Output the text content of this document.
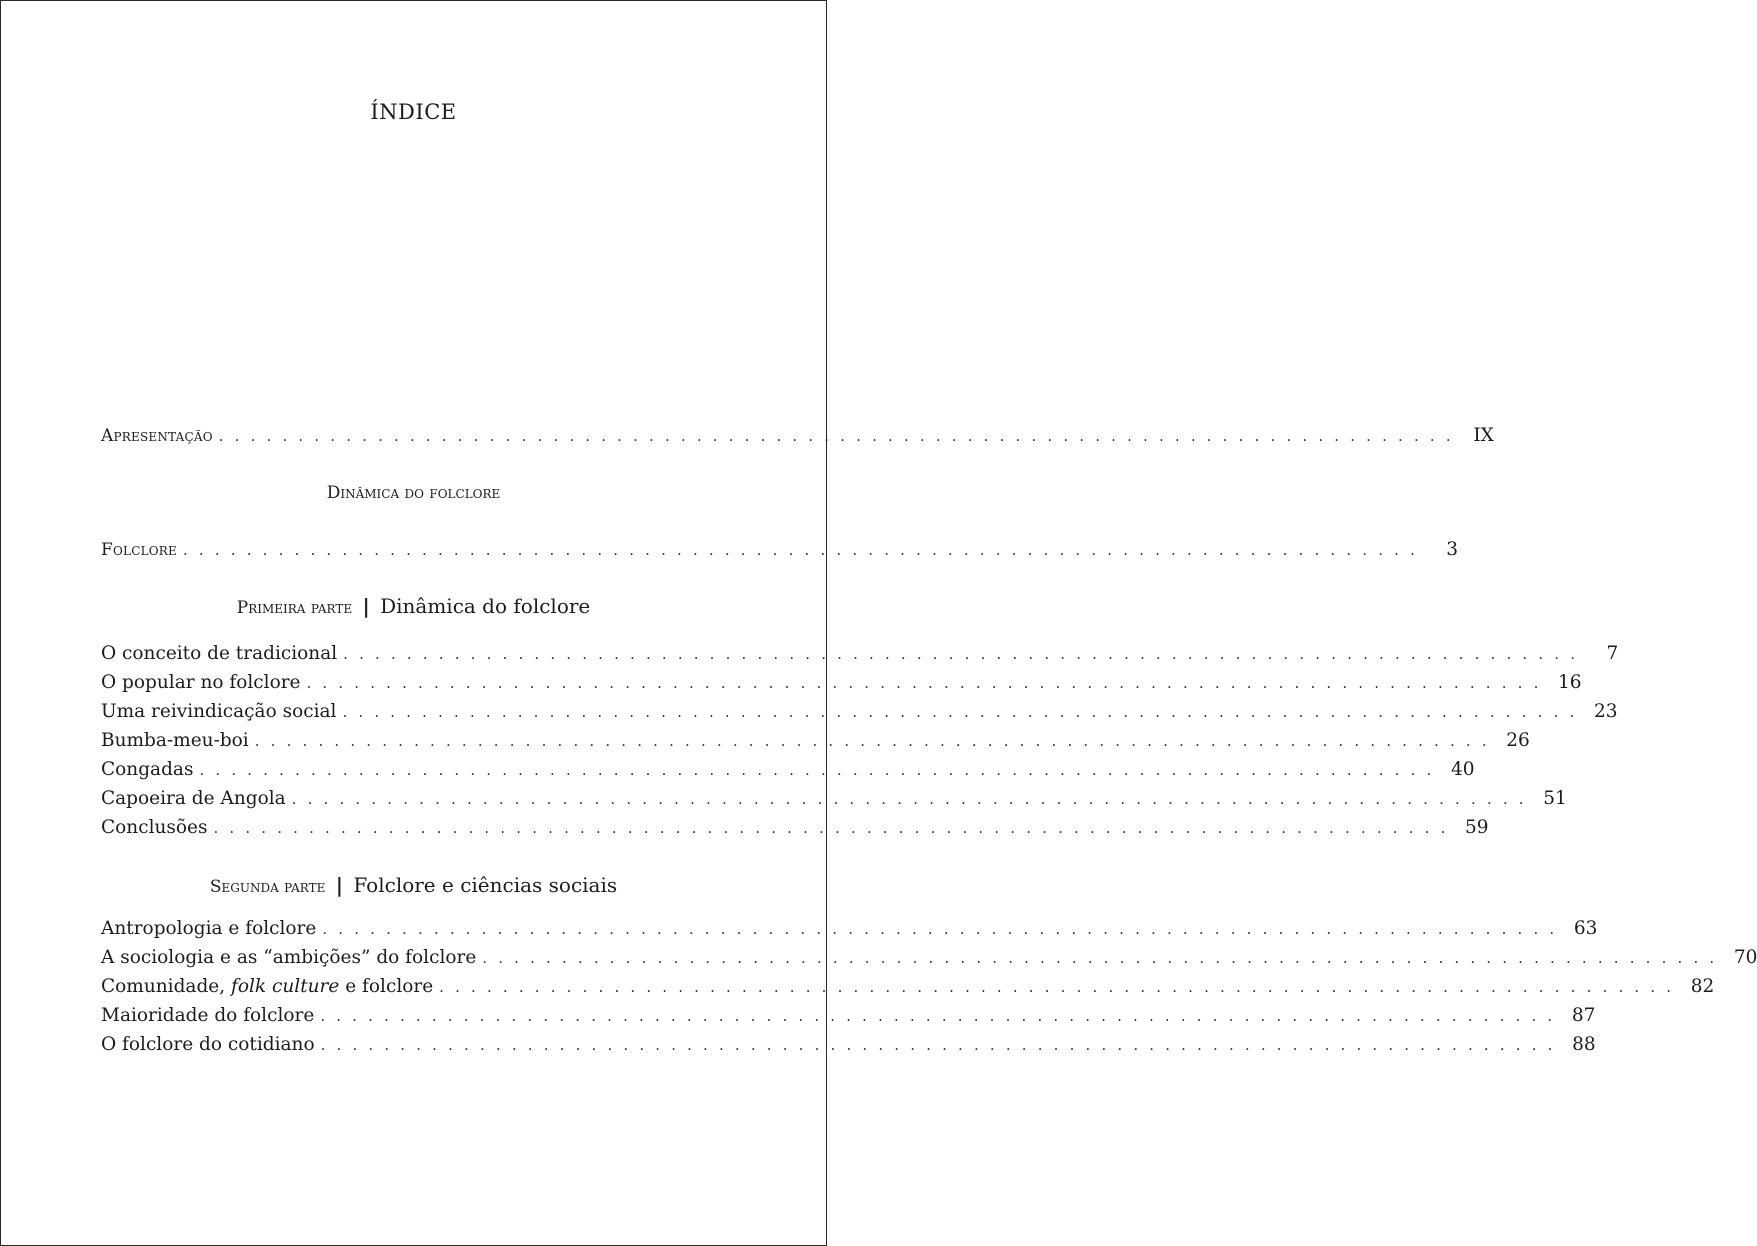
ÍNDICE
Apresentação . . . . . . . . . . . . . . . . . . . . . . . . . . . . . . . . . . . . . . . . . . . . . . . . . . . . . . . . . . . . . . . . . . . . . . . . . . . . . .	IX
Dinâmica do folclore
Folclore . . . . . . . . . . . . . . . . . . . . . . . . . . . . . . . . . . . . . . . . . . . . . . . . . . . . . . . . . . . . . . . . . . . . . . . . . . . . . .	3
Primeira parte | Dinâmica do folclore
O conceito de tradicional . . . . . . . . . . . . . . . . . . . . . . . . . . . . . . . . . . . . . . . . . . . . . . . . . . . . . . . . . . . . . . . . . . . . . . . . . . . . . .	7
O popular no folclore . . . . . . . . . . . . . . . . . . . . . . . . . . . . . . . . . . . . . . . . . . . . . . . . . . . . . . . . . . . . . . . . . . . . . . . . . . . . . . 16
Uma reivindicação social . . . . . . . . . . . . . . . . . . . . . . . . . . . . . . . . . . . . . . . . . . . . . . . . . . . . . . . . . . . . . . . . . . . . . . . . . . . . . . 23
Bumba-meu-boi . . . . . . . . . . . . . . . . . . . . . . . . . . . . . . . . . . . . . . . . . . . . . . . . . . . . . . . . . . . . . . . . . . . . . . . . . . . . . . 26
Congadas . . . . . . . . . . . . . . . . . . . . . . . . . . . . . . . . . . . . . . . . . . . . . . . . . . . . . . . . . . . . . . . . . . . . . . . . . . . . . . 40
Capoeira de Angola . . . . . . . . . . . . . . . . . . . . . . . . . . . . . . . . . . . . . . . . . . . . . . . . . . . . . . . . . . . . . . . . . . . . . . . . . . . . . . 51
Conclusões . . . . . . . . . . . . . . . . . . . . . . . . . . . . . . . . . . . . . . . . . . . . . . . . . . . . . . . . . . . . . . . . . . . . . . . . . . . . . . 59
Segunda parte | Folclore e ciências sociais
Antropologia e folclore . . . . . . . . . . . . . . . . . . . . . . . . . . . . . . . . . . . . . . . . . . . . . . . . . . . . . . . . . . . . . . . . . . . . . . . . . . . . . . 63
A sociologia e as “ambições” do folclore . . . . . . . . . . . . . . . . . . . . . . . . . . . . . . . . . . . . . . . . . . . . . . . . . . . . . . . . . . . . . . . . . . . . . . . . . . . . . . 70
Comunidade, folk culture e folclore . . . . . . . . . . . . . . . . . . . . . . . . . . . . . . . . . . . . . . . . . . . . . . . . . . . . . . . . . . . . . . . . . . . . . . . . . . . . . . 82
Maioridade do folclore . . . . . . . . . . . . . . . . . . . . . . . . . . . . . . . . . . . . . . . . . . . . . . . . . . . . . . . . . . . . . . . . . . . . . . . . . . . . . . 87
O folclore do cotidiano . . . . . . . . . . . . . . . . . . . . . . . . . . . . . . . . . . . . . . . . . . . . . . . . . . . . . . . . . . . . . . . . . . . . . . . . . . . . . . 88
